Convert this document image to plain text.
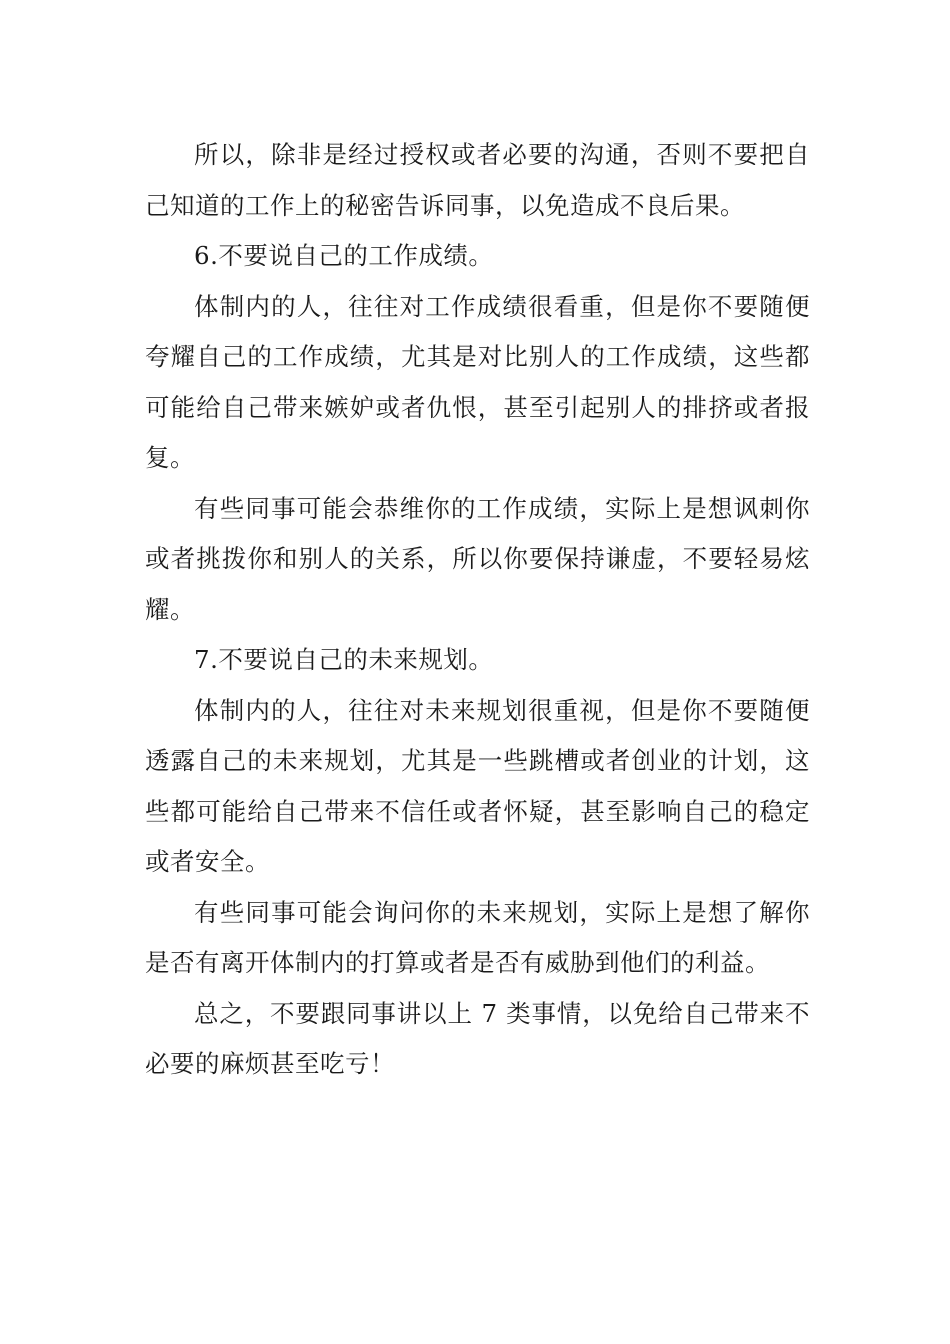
所以，除非是经过授权或者必要的沟通，否则不要把自己知道的工作上的秘密告诉同事，以免造成不良后果。

6.不要说自己的工作成绩。

体制内的人，往往对工作成绩很看重，但是你不要随便夸耀自己的工作成绩，尤其是对比别人的工作成绩，这些都可能给自己带来嫉妒或者仇恨，甚至引起别人的排挤或者报复。

有些同事可能会恭维你的工作成绩，实际上是想讽刺你或者挑拨你和别人的关系，所以你要保持谦虚，不要轻易炫耀。

7.不要说自己的未来规划。

体制内的人，往往对未来规划很重视，但是你不要随便透露自己的未来规划，尤其是一些跳槽或者创业的计划，这些都可能给自己带来不信任或者怀疑，甚至影响自己的稳定或者安全。

有些同事可能会询问你的未来规划，实际上是想了解你是否有离开体制内的打算或者是否有威胁到他们的利益。

总之，不要跟同事讲以上 7 类事情，以免给自己带来不必要的麻烦甚至吃亏！
